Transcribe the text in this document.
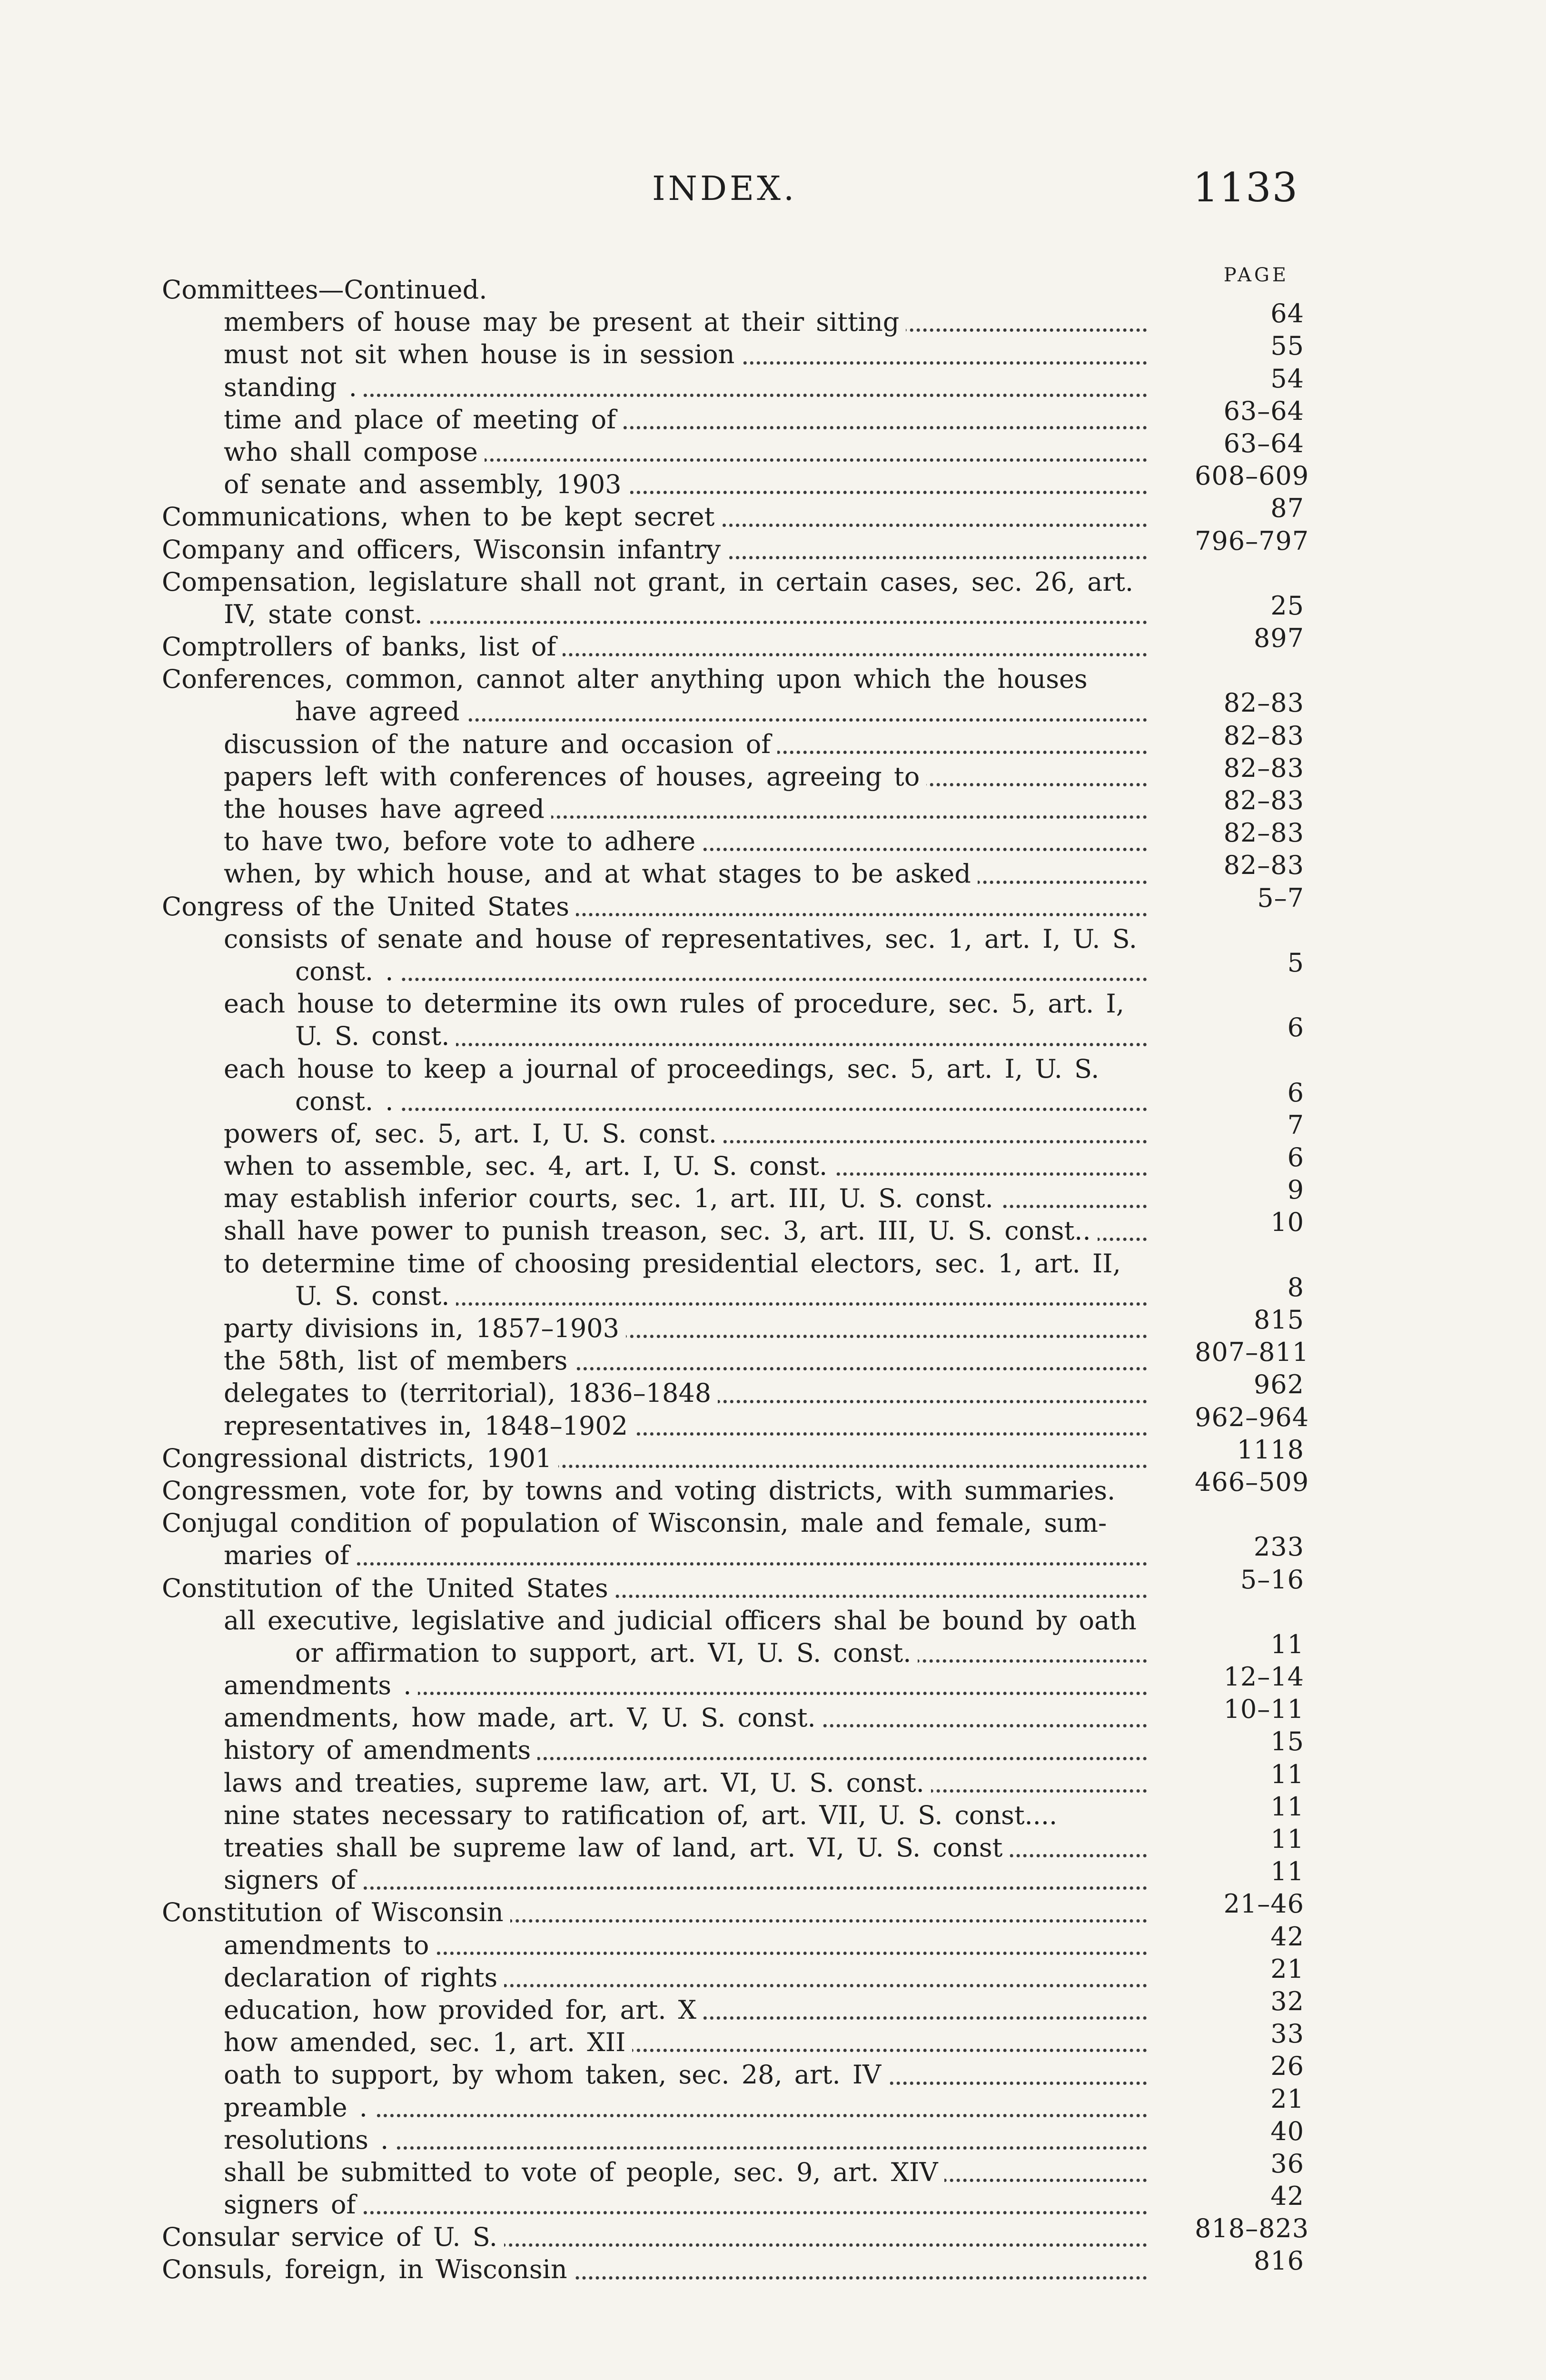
INDEX.	1133
PAGE
Committees—Continued.
members of house may be present at their sitting	64
must not sit when house is in session	55
standing .	54
time and place of meeting of	63–64
who shall compose	63–64
of senate and assembly, 1903	608–609
Communications, when to be kept secret	87
Company and officers, Wisconsin infantry	796–797
Compensation, legislature shall not grant, in certain cases, sec. 26, art.
IV, state const.	25
Comptrollers of banks, list of	897
Conferences, common, cannot alter anything upon which the houses
have agreed	82–83
discussion of the nature and occasion of	82–83
papers left with conferences of houses, agreeing to	82–83
the houses have agreed	82–83
to have two, before vote to adhere	82–83
when, by which house, and at what stages to be asked	82–83
Congress of the United States	5–7
consists of senate and house of representatives, sec. 1, art. I, U. S.
const. .	5
each house to determine its own rules of procedure, sec. 5, art. I,
U. S. const.	6
each house to keep a journal of proceedings, sec. 5, art. I, U. S.
const. .	6
powers of, sec. 5, art. I, U. S. const.	7
when to assemble, sec. 4, art. I, U. S. const.	6
may establish inferior courts, sec. 1, art. III, U. S. const.	9
shall have power to punish treason, sec. 3, art. III, U. S. const..	10
to determine time of choosing presidential electors, sec. 1, art. II,
U. S. const.	8
party divisions in, 1857–1903	815
the 58th, list of members	807–811
delegates to (territorial), 1836–1848	962
representatives in, 1848–1902	962–964
Congressional districts, 1901	1118
Congressmen, vote for, by towns and voting districts, with summaries.	466–509
Conjugal condition of population of Wisconsin, male and female, sum-
maries of	233
Constitution of the United States	5–16
all executive, legislative and judicial officers shal be bound by oath
or affirmation to support, art. VI, U. S. const.	11
amendments .	12–14
amendments, how made, art. V, U. S. const.	10–11
history of amendments	15
laws and treaties, supreme law, art. VI, U. S. const.	11
nine states necessary to ratification of, art. VII, U. S. const....	11
treaties shall be supreme law of land, art. VI, U. S. const	11
signers of	11
Constitution of Wisconsin	21–46
amendments to	42
declaration of rights	21
education, how provided for, art. X	32
how amended, sec. 1, art. XII	33
oath to support, by whom taken, sec. 28, art. IV	26
preamble .	21
resolutions .	40
shall be submitted to vote of people, sec. 9, art. XIV	36
signers of	42
Consular service of U. S.	818–823
Consuls, foreign, in Wisconsin	816
